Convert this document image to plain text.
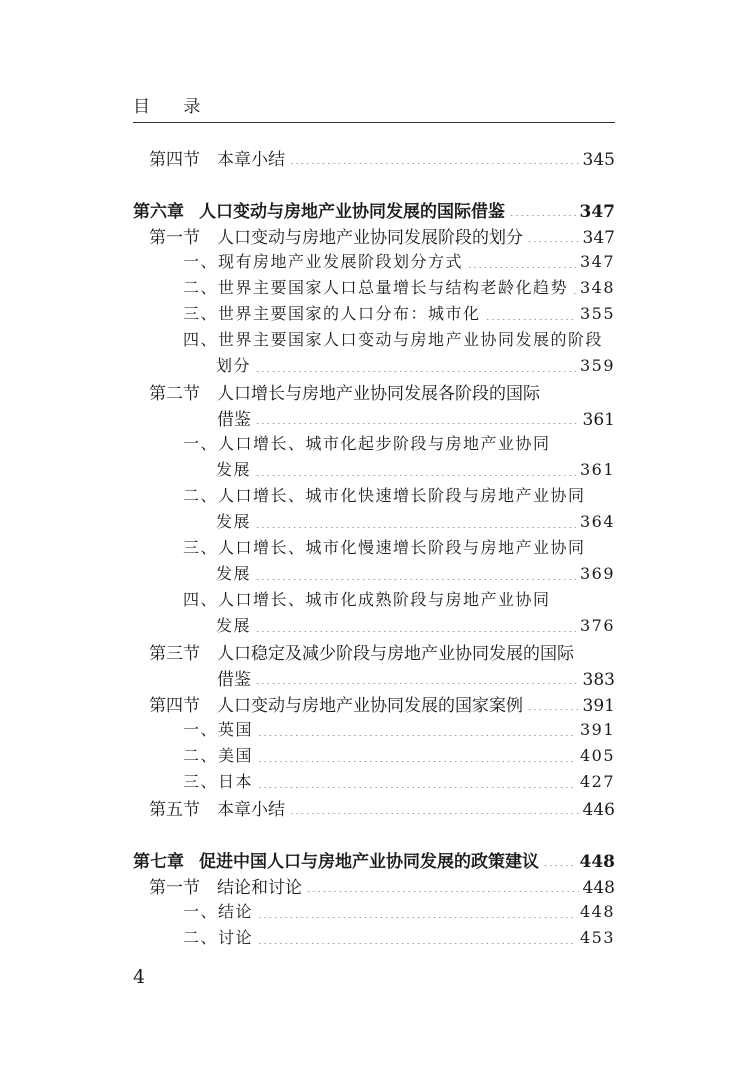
目 录
第四节	本章小结	345
第六章 人口变动与房地产业协同发展的国际借鉴	347
第一节	人口变动与房地产业协同发展阶段的划分	347
一、现有房地产业发展阶段划分方式	347
二、世界主要国家人口总量增长与结构老龄化趋势 348
三、世界主要国家的人口分布：城市化	355
四、世界主要国家人口变动与房地产业协同发展的阶段
划分	359
第二节	人口增长与房地产业协同发展各阶段的国际
借鉴	361
一、人口增长、城市化起步阶段与房地产业协同
发展	361
二、人口增长、城市化快速增长阶段与房地产业协同
发展	364
三、人口增长、城市化慢速增长阶段与房地产业协同
发展	369
四、人口增长、城市化成熟阶段与房地产业协同
发展	376
第三节	人口稳定及减少阶段与房地产业协同发展的国际
借鉴	383
第四节	人口变动与房地产业协同发展的国家案例	391
一、英国	391
二、美国	405
三、日本	427
第五节	本章小结	446
第七章 促进中国人口与房地产业协同发展的政策建议 448
第一节	结论和讨论	448
一、结论	448
二、讨论	453
4
